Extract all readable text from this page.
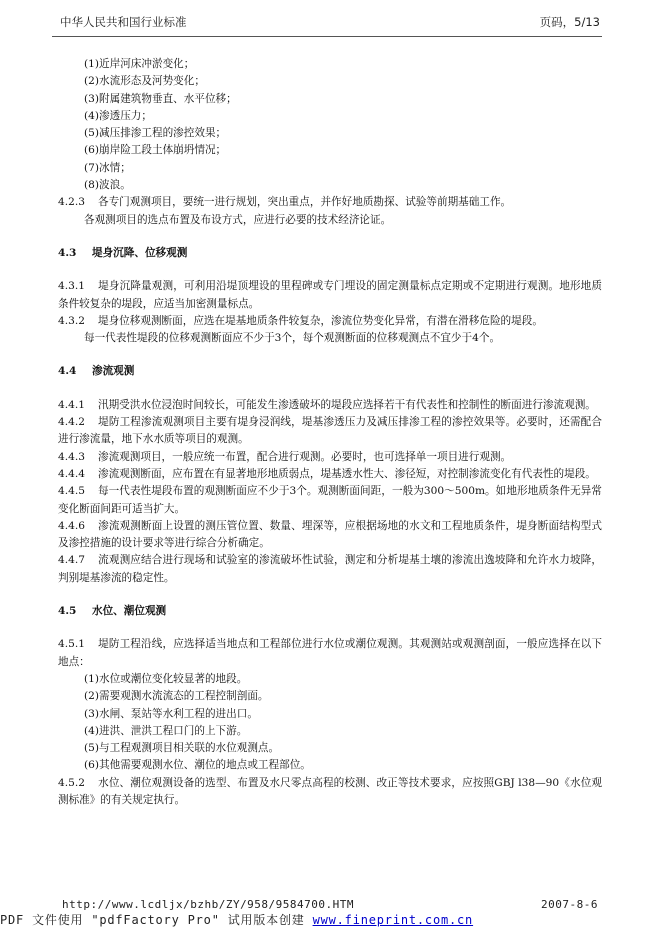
中华人民共和国行业标准	页码，5/13
(1)近岸河床冲淤变化；
(2)水流形态及河势变化；
(3)附属建筑物垂直、水平位移；
(4)渗透压力；
(5)减压排渗工程的渗控效果；
(6)崩岸险工段土体崩坍情况；
(7)冰情；
(8)波浪。
4.2.3 各专门观测项目，要统一进行规划，突出重点，并作好地质勘探、试验等前期基础工作。
各观测项目的选点布置及布设方式，应进行必要的技术经济论证。
4.3 堤身沉降、位移观测
4.3.1 堤身沉降量观测，可利用沿堤顶埋设的里程碑或专门埋设的固定测量标点定期或不定期进行观测。地形地质条件较复杂的堤段，应适当加密测量标点。
4.3.2 堤身位移观测断面，应选在堤基地质条件较复杂，渗流位势变化异常，有潜在滑移危险的堤段。
每一代表性堤段的位移观测断面应不少于3个，每个观测断面的位移观测点不宜少于4个。
4.4 渗流观测
4.4.1 汛期受洪水位浸泡时间较长，可能发生渗透破坏的堤段应选择若干有代表性和控制性的断面进行渗流观测。
4.4.2 堤防工程渗流观测项目主要有堤身浸润线，堤基渗透压力及减压排渗工程的渗控效果等。必要时，还需配合进行渗流量，地下水水质等项目的观测。
4.4.3 渗流观测项目，一般应统一布置，配合进行观测。必要时，也可选择单一项目进行观测。
4.4.4 渗流观测断面，应布置在有显著地形地质弱点，堤基透水性大、渗径短，对控制渗流变化有代表性的堤段。
4.4.5 每一代表性堤段布置的观测断面应不少于3个。观测断面间距，一般为300～500m。如地形地质条件无异常变化断面间距可适当扩大。
4.4.6 渗流观测断面上设置的测压管位置、数量、埋深等，应根据场地的水文和工程地质条件，堤身断面结构型式及渗控措施的设计要求等进行综合分析确定。
4.4.7 流观测应结合进行现场和试验室的渗流破坏性试验，测定和分析堤基土壤的渗流出逸坡降和允许水力坡降，判别堤基渗流的稳定性。
4.5 水位、潮位观测
4.5.1 堤防工程沿线，应选择适当地点和工程部位进行水位或潮位观测。其观测站或观测剖面，一般应选择在以下地点：
(1)水位或潮位变化较显著的地段。
(2)需要观测水流流态的工程控制剖面。
(3)水闸、泵站等水利工程的进出口。
(4)进洪、泄洪工程口门的上下游。
(5)与工程观测项目相关联的水位观测点。
(6)其他需要观测水位、潮位的地点或工程部位。
4.5.2 水位、潮位观测设备的选型、布置及水尺零点高程的校测、改正等技术要求，应按照GBJ l38—90《水位观测标准》的有关规定执行。
http://www.lcdljx/bzhb/ZY/958/9584700.HTM	2007-8-6
PDF 文件使用 "pdfFactory Pro" 试用版本创建 www.fineprint.com.cn
